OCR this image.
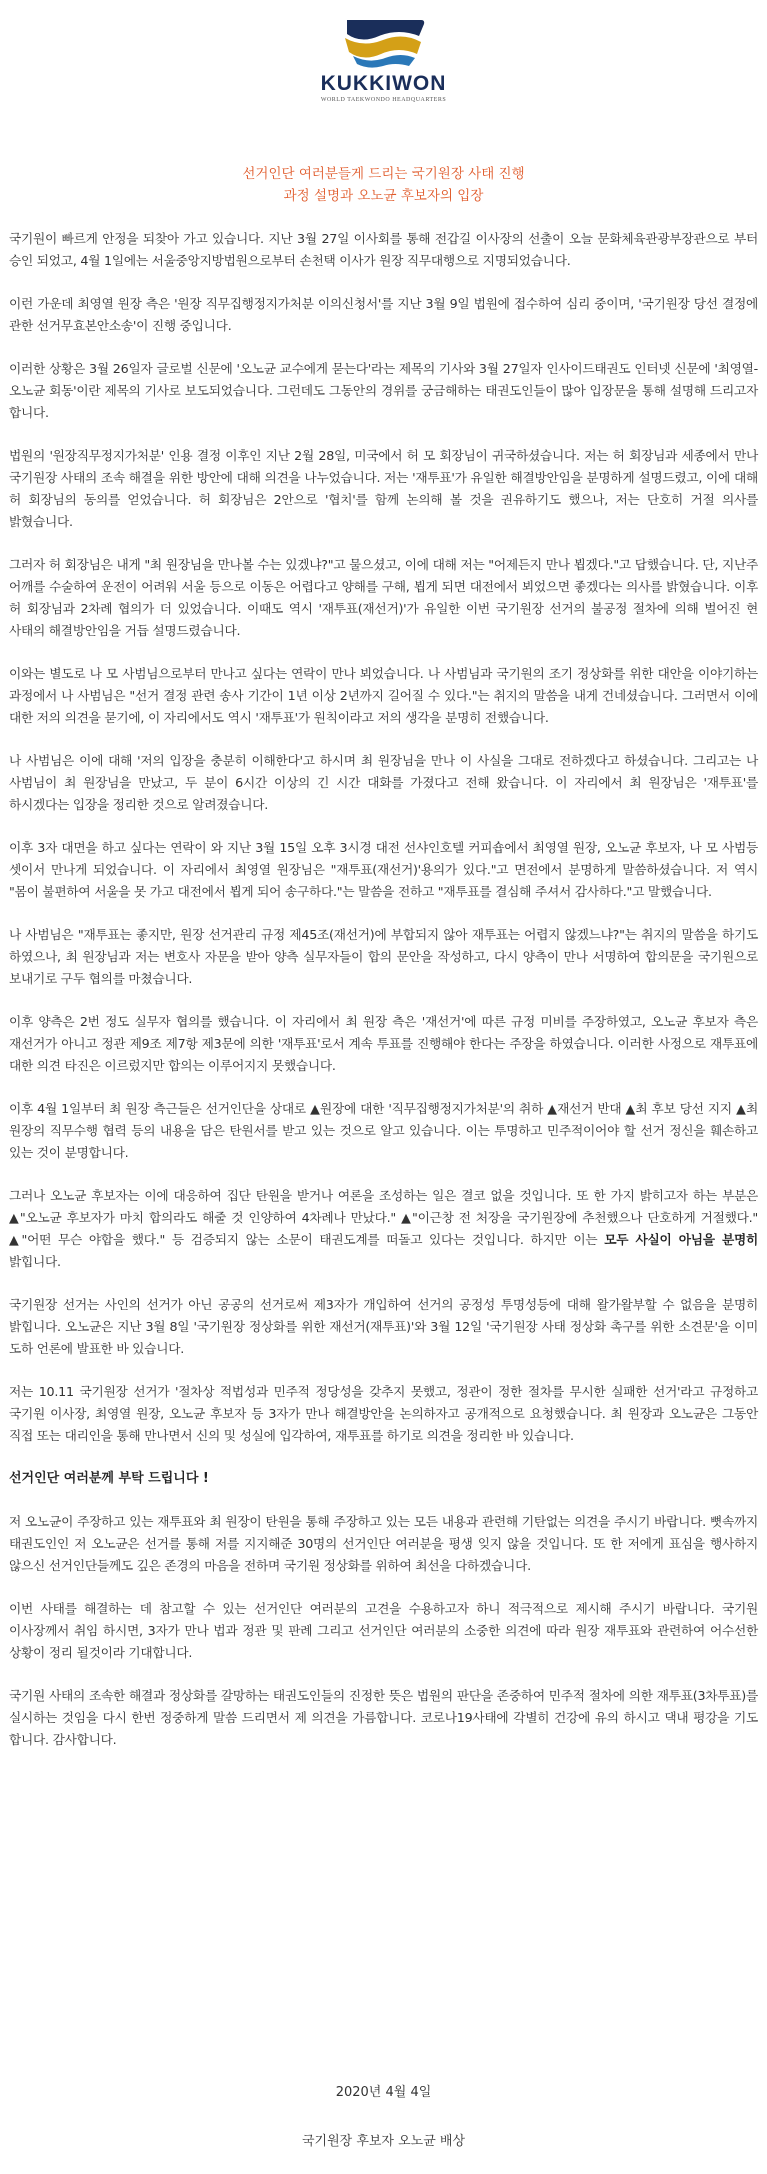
KUKKIWON
WORLD TAEKWONDO HEADQUARTERS
선거인단 여러분들게 드리는 국기원장 사태 진행
과정 설명과 오노균 후보자의 입장

국기원이 빠르게 안정을 되찾아 가고 있습니다. 지난 3월 27일 이사회를 통해 전갑길 이사장의 선출이 오늘 문화체육관광부장관으로 부터 승인 되었고, 4월 1일에는 서울중앙지방법원으로부터 손천택 이사가 원장 직무대행으로 지명되었습니다.

이런 가운데 최영열 원장 측은 '원장 직무집행정지가처분 이의신청서'를 지난 3월 9일 법원에 접수하여 심리 중이며, '국기원장 당선 결정에 관한 선거무효본안소송'이 진행 중입니다.

이러한 상황은 3월 26일자 글로벌 신문에 '오노균 교수에게 묻는다'라는 제목의 기사와 3월 27일자 인사이드태권도 인터넷 신문에 '최영열-오노균 회동'이란 제목의 기사로 보도되었습니다. 그런데도 그동안의 경위를 궁금해하는 태권도인들이 많아 입장문을 통해 설명해 드리고자 합니다.

법원의 '원장직무정지가처분' 인용 결정 이후인 지난 2월 28일, 미국에서 허 모 회장님이 귀국하셨습니다. 저는 허 회장님과 세종에서 만나 국기원장 사태의 조속 해결을 위한 방안에 대해 의견을 나누었습니다. 저는 '재투표'가 유일한 해결방안임을 분명하게 설명드렸고, 이에 대해 허 회장님의 동의를 얻었습니다. 허 회장님은 2안으로 '협치'를 함께 논의해 볼 것을 권유하기도 했으나, 저는 단호히 거절 의사를 밝혔습니다.

그러자 허 회장님은 내게 "최 원장님을 만나볼 수는 있겠냐?"고 물으셨고, 이에 대해 저는 "어제든지 만나 뵙겠다."고 답했습니다. 단, 지난주 어깨를 수술하여 운전이 어려워 서울 등으로 이동은 어렵다고 양해를 구해, 뵙게 되면 대전에서 뵈었으면 좋겠다는 의사를 밝혔습니다. 이후 허 회장님과 2차례 협의가 더 있었습니다. 이때도 역시 '재투표(재선거)'가 유일한 이번 국기원장 선거의 불공정 절차에 의해 벌어진 현 사태의 해결방안임을 거듭 설명드렸습니다.

이와는 별도로 나 모 사범님으로부터 만나고 싶다는 연락이 만나 뵈었습니다. 나 사범님과 국기원의 조기 정상화를 위한 대안을 이야기하는 과정에서 나 사범님은 "선거 결정 관련 송사 기간이 1년 이상 2년까지 길어질 수 있다."는 취지의 말씀을 내게 건네셨습니다. 그러면서 이에 대한 저의 의견을 묻기에, 이 자리에서도 역시 '재투표'가 원칙이라고 저의 생각을 분명히 전했습니다.

나 사범님은 이에 대해 '저의 입장을 충분히 이해한다'고 하시며 최 원장님을 만나 이 사실을 그대로 전하겠다고 하셨습니다. 그리고는 나 사범님이 최 원장님을 만났고, 두 분이 6시간 이상의 긴 시간 대화를 가졌다고 전해 왔습니다. 이 자리에서 최 원장님은 '재투표'를 하시겠다는 입장을 정리한 것으로 알려졌습니다.

이후 3자 대면을 하고 싶다는 연락이 와 지난 3월 15일 오후 3시경 대전 선샤인호텔 커피숍에서 최영열 원장, 오노균 후보자, 나 모 사범등 셋이서 만나게 되었습니다. 이 자리에서 최영열 원장님은 "재투표(재선거)'용의가 있다."고 면전에서 분명하게 말씀하셨습니다. 저 역시 "몸이 불편하여 서울을 못 가고 대전에서 뵙게 되어 송구하다."는 말씀을 전하고 "재투표를 결심해 주셔서 감사하다."고 말했습니다.

나 사범님은 "재투표는 좋지만, 원장 선거관리 규정 제45조(재선거)에 부합되지 않아 재투표는 어렵지 않겠느냐?"는 취지의 말씀을 하기도 하였으나, 최 원장님과 저는 변호사 자문을 받아 양측 실무자들이 합의 문안을 작성하고, 다시 양측이 만나 서명하여 합의문을 국기원으로 보내기로 구두 협의를 마쳤습니다.

이후 양측은 2번 정도 실무자 협의를 했습니다. 이 자리에서 최 원장 측은 '재선거'에 따른 규정 미비를 주장하였고, 오노균 후보자 측은 재선거가 아니고 정관 제9조 제7항 제3문에 의한 '재투표'로서 계속 투표를 진행해야 한다는 주장을 하였습니다. 이러한 사정으로 재투표에 대한 의견 타진은 이르렀지만 합의는 이루어지지 못했습니다.

이후 4월 1일부터 최 원장 측근들은 선거인단을 상대로 ▲원장에 대한 '직무집행정지가처분'의 취하 ▲재선거 반대 ▲최 후보 당선 지지 ▲최 원장의 직무수행 협력 등의 내용을 담은 탄원서를 받고 있는 것으로 알고 있습니다. 이는 투명하고 민주적이어야 할 선거 정신을 훼손하고 있는 것이 분명합니다.

그러나 오노균 후보자는 이에 대응하여 집단 탄원을 받거나 여론을 조성하는 일은 결코 없을 것입니다. 또 한 가지 밝히고자 하는 부분은 ▲"오노균 후보자가 마치 합의라도 해줄 것 인양하여 4차례나 만났다." ▲"이근창 전 처장을 국기원장에 추천했으나 단호하게 거절했다." ▲"어떤 무슨 야합을 했다." 등 검증되지 않는 소문이 태권도계를 떠돌고 있다는 것입니다. 하지만 이는 모두 사실이 아님을 분명히 밝힙니다.

국기원장 선거는 사인의 선거가 아닌 공공의 선거로써 제3자가 개입하여 선거의 공정성 투명성등에 대해 왈가왈부할 수 없음을 분명히 밝힙니다. 오노균은 지난 3월 8일 '국기원장 정상화를 위한 재선거(재투표)'와 3월 12일 '국기원장 사태 정상화 촉구를 위한 소견문'을 이미 도하 언론에 발표한 바 있습니다.

저는 10.11 국기원장 선거가 '절차상 적법성과 민주적 정당성을 갖추지 못했고, 정관이 정한 절차를 무시한 실패한 선거'라고 규정하고 국기원 이사장, 최영열 원장, 오노균 후보자 등 3자가 만나 해결방안을 논의하자고 공개적으로 요청했습니다. 최 원장과 오노균은 그동안 직접 또는 대리인을 통해 만나면서 신의 및 성실에 입각하여, 재투표를 하기로 의견을 정리한 바 있습니다.

선거인단 여러분께 부탁 드립니다 !

저 오노균이 주장하고 있는 재투표와 최 원장이 탄원을 통해 주장하고 있는 모든 내용과 관련해 기탄없는 의견을 주시기 바랍니다. 뼛속까지 태권도인인 저 오노균은 선거를 통해 저를 지지해준 30명의 선거인단 여러분을 평생 잊지 않을 것입니다. 또 한 저에게 표심을 행사하지 않으신 선거인단들께도 깊은 존경의 마음을 전하며 국기원 정상화를 위하여 최선을 다하겠습니다.

이번 사태를 해결하는 데 참고할 수 있는 선거인단 여러분의 고견을 수용하고자 하니 적극적으로 제시해 주시기 바랍니다. 국기원 이사장께서 취임 하시면, 3자가 만나 법과 정관 및 판례 그리고 선거인단 여러분의 소중한 의견에 따라 원장 재투표와 관련하여 어수선한 상황이 정리 될것이라 기대합니다.

국기원 사태의 조속한 해결과 정상화를 갈망하는 태권도인들의 진정한 뜻은 법원의 판단을 존중하여 민주적 절차에 의한 재투표(3차투표)를 실시하는 것임을 다시 한번 정중하게 말씀 드리면서 제 의견을 가름합니다. 코로나19사태에 각별히 건강에 유의 하시고 댁내 평강을 기도 합니다. 감사합니다.

2020년 4월 4일
국기원장 후보자 오노균 배상
